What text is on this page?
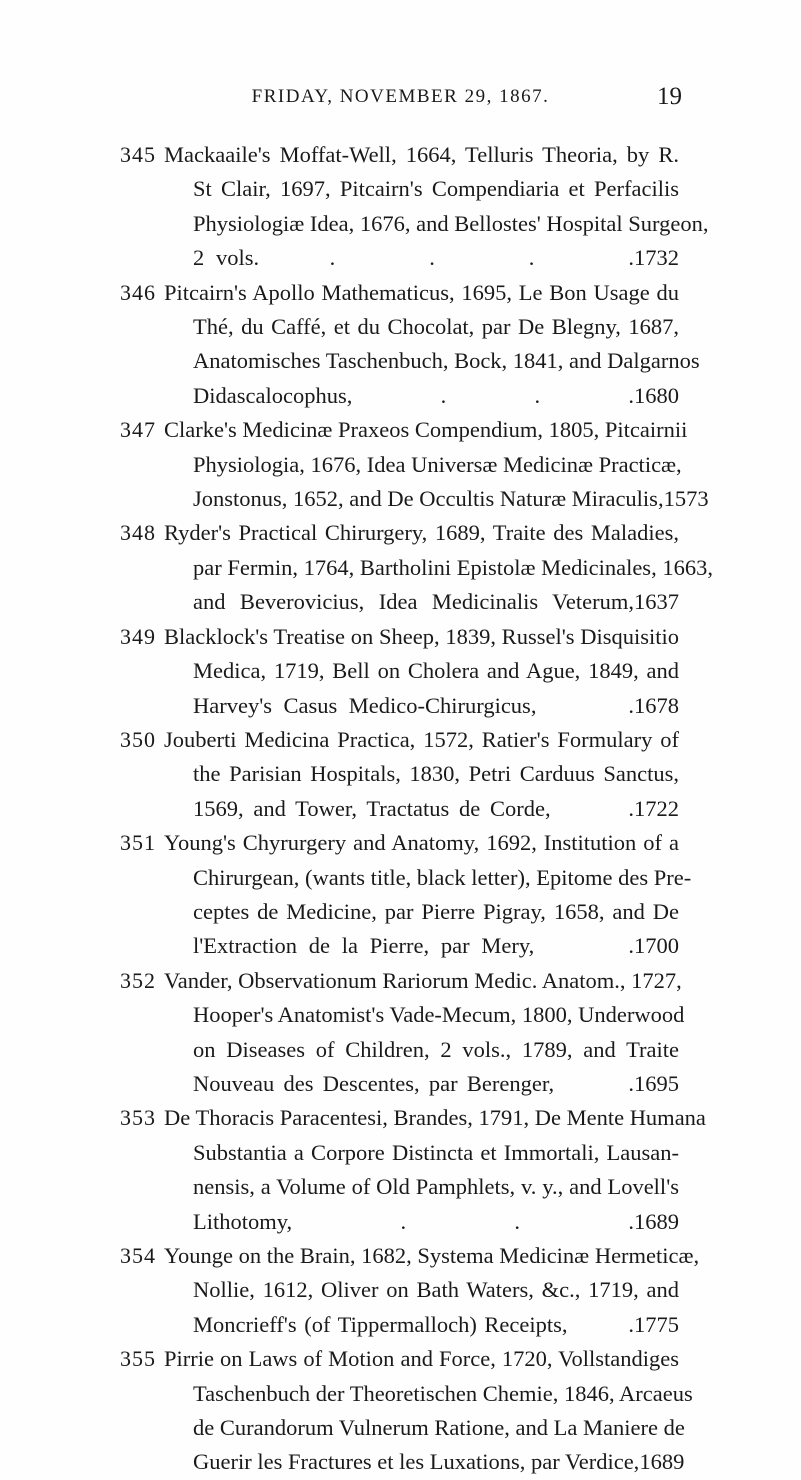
FRIDAY, NOVEMBER 29, 1867.	19
345 Mackaaile's Moffat-Well, 1664, Telluris Theoria, by R.
St Clair, 1697, Pitcairn's Compendiaria et Perfacilis
Physiologiæ Idea, 1676, and Bellostes' Hospital Surgeon,
2 vols.      .        .        .        . 1732
346 Pitcairn's Apollo Mathematicus, 1695, Le Bon Usage du
Thé, du Caffé, et du Chocolat, par De Blegny, 1687,
Anatomisches Taschenbuch, Bock, 1841, and Dalgarnos
Didascalocophus,        .        .        . 1680
347 Clarke's Medicinæ Praxeos Compendium, 1805, Pitcairnii
Physiologia, 1676, Idea Universæ Medicinæ Practicæ,
Jonstonus, 1652, and De Occultis Naturæ Miraculis, 1573
348 Ryder's Practical Chirurgery, 1689, Traite des Maladies,
par Fermin, 1764, Bartholini Epistolæ Medicinales, 1663,
and Beverovicius, Idea Medicinalis Veterum, 1637
349 Blacklock's Treatise on Sheep, 1839, Russel's Disquisitio
Medica, 1719, Bell on Cholera and Ague, 1849, and
Harvey's Casus Medico-Chirurgicus,        . 1678
350 Jouberti Medicina Practica, 1572, Ratier's Formulary of
the Parisian Hospitals, 1830, Petri Carduus Sanctus,
1569, and Tower, Tractatus de Corde,        . 1722
351 Young's Chyrurgery and Anatomy, 1692, Institution of a
Chirurgean, (wants title, black letter), Epitome des Pre-
ceptes de Medicine, par Pierre Pigray, 1658, and De
l'Extraction de la Pierre, par Mery,        . 1700
352 Vander, Observationum Rariorum Medic. Anatom., 1727,
Hooper's Anatomist's Vade-Mecum, 1800, Underwood
on Diseases of Children, 2 vols., 1789, and Traite
Nouveau des Descentes, par Berenger,        . 1695
353 De Thoracis Paracentesi, Brandes, 1791, De Mente Humana
Substantia a Corpore Distincta et Immortali, Lausan-
nensis, a Volume of Old Pamphlets, v. y., and Lovell's
Lithotomy,        .        .        . 1689
354 Younge on the Brain, 1682, Systema Medicinæ Hermeticæ,
Nollie, 1612, Oliver on Bath Waters, &c., 1719, and
Moncrieff's (of Tippermalloch) Receipts,        . 1775
355 Pirrie on Laws of Motion and Force, 1720, Vollstandiges
Taschenbuch der Theoretischen Chemie, 1846, Arcaeus
de Curandorum Vulnerum Ratione, and La Maniere de
Guerir les Fractures et les Luxations, par Verdice, 1689
